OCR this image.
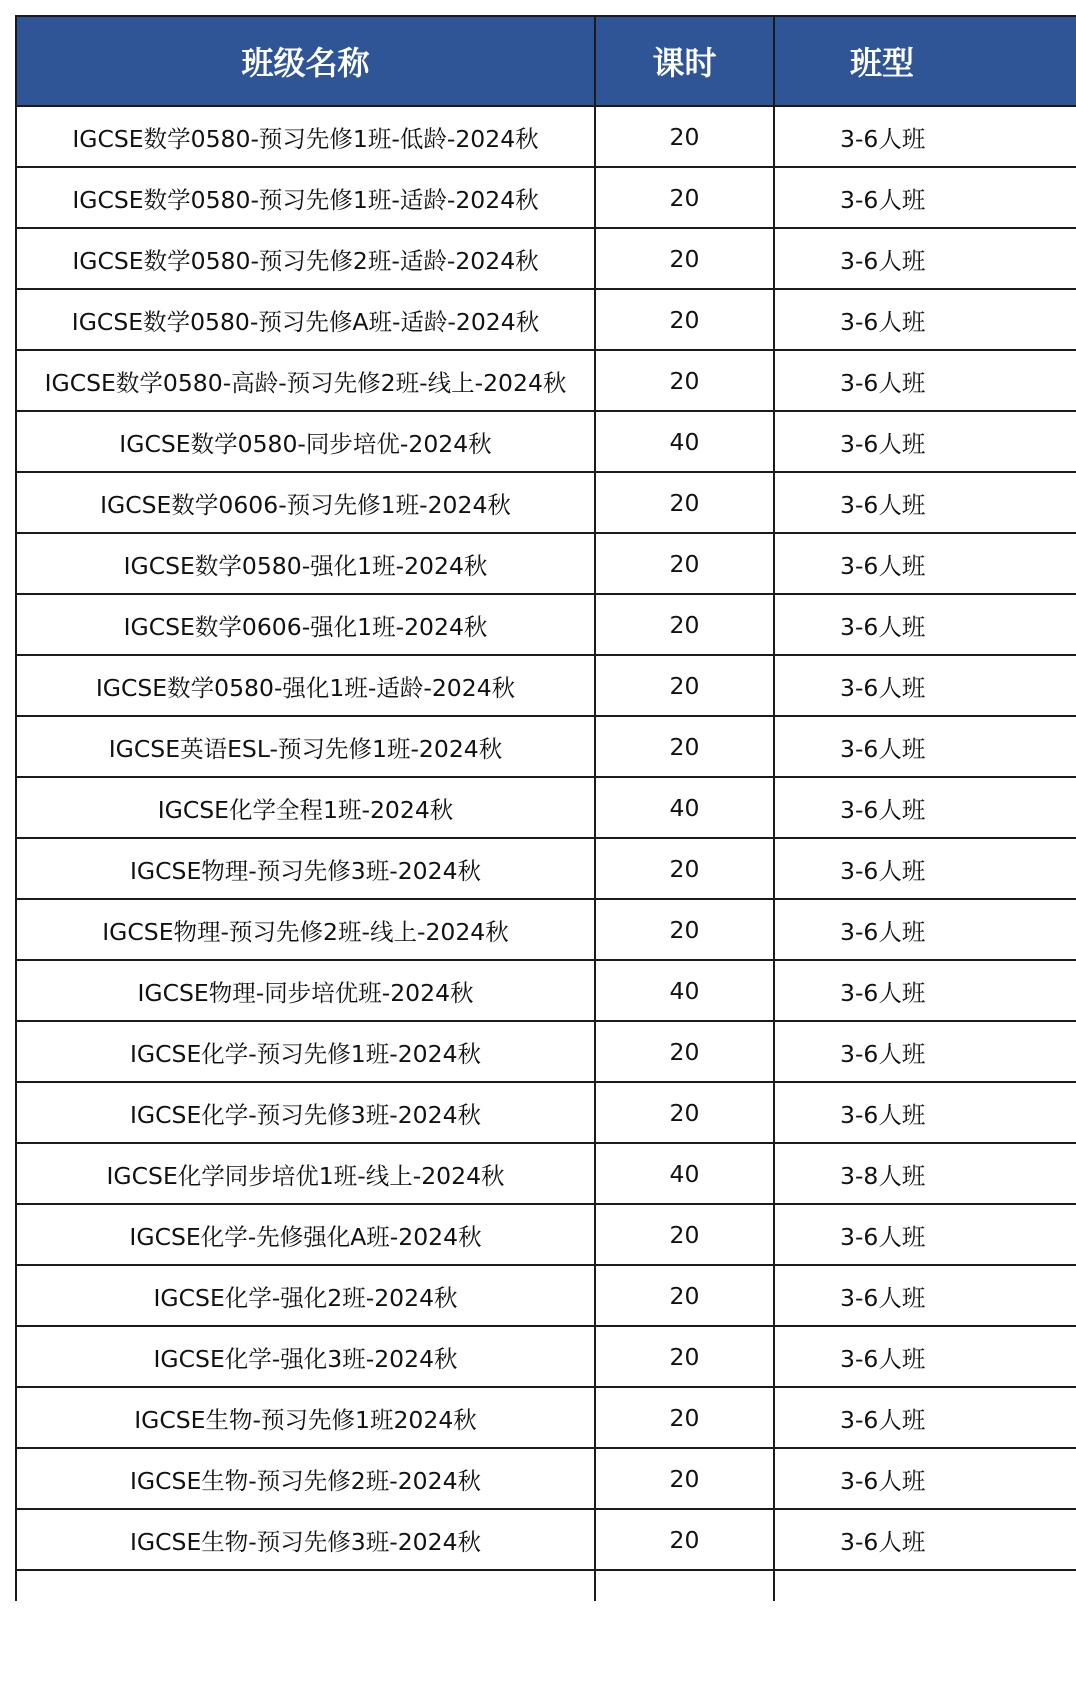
班级名称	课时	班型
IGCSE数学0580-预习先修1班-低龄-2024秋	20	3-6人班
IGCSE数学0580-预习先修1班-适龄-2024秋	20	3-6人班
IGCSE数学0580-预习先修2班-适龄-2024秋	20	3-6人班
IGCSE数学0580-预习先修A班-适龄-2024秋	20	3-6人班
IGCSE数学0580-高龄-预习先修2班-线上-2024秋	20	3-6人班
IGCSE数学0580-同步培优-2024秋	40	3-6人班
IGCSE数学0606-预习先修1班-2024秋	20	3-6人班
IGCSE数学0580-强化1班-2024秋	20	3-6人班
IGCSE数学0606-强化1班-2024秋	20	3-6人班
IGCSE数学0580-强化1班-适龄-2024秋	20	3-6人班
IGCSE英语ESL-预习先修1班-2024秋	20	3-6人班
IGCSE化学全程1班-2024秋	40	3-6人班
IGCSE物理-预习先修3班-2024秋	20	3-6人班
IGCSE物理-预习先修2班-线上-2024秋	20	3-6人班
IGCSE物理-同步培优班-2024秋	40	3-6人班
IGCSE化学-预习先修1班-2024秋	20	3-6人班
IGCSE化学-预习先修3班-2024秋	20	3-6人班
IGCSE化学同步培优1班-线上-2024秋	40	3-8人班
IGCSE化学-先修强化A班-2024秋	20	3-6人班
IGCSE化学-强化2班-2024秋	20	3-6人班
IGCSE化学-强化3班-2024秋	20	3-6人班
IGCSE生物-预习先修1班2024秋	20	3-6人班
IGCSE生物-预习先修2班-2024秋	20	3-6人班
IGCSE生物-预习先修3班-2024秋	20	3-6人班
